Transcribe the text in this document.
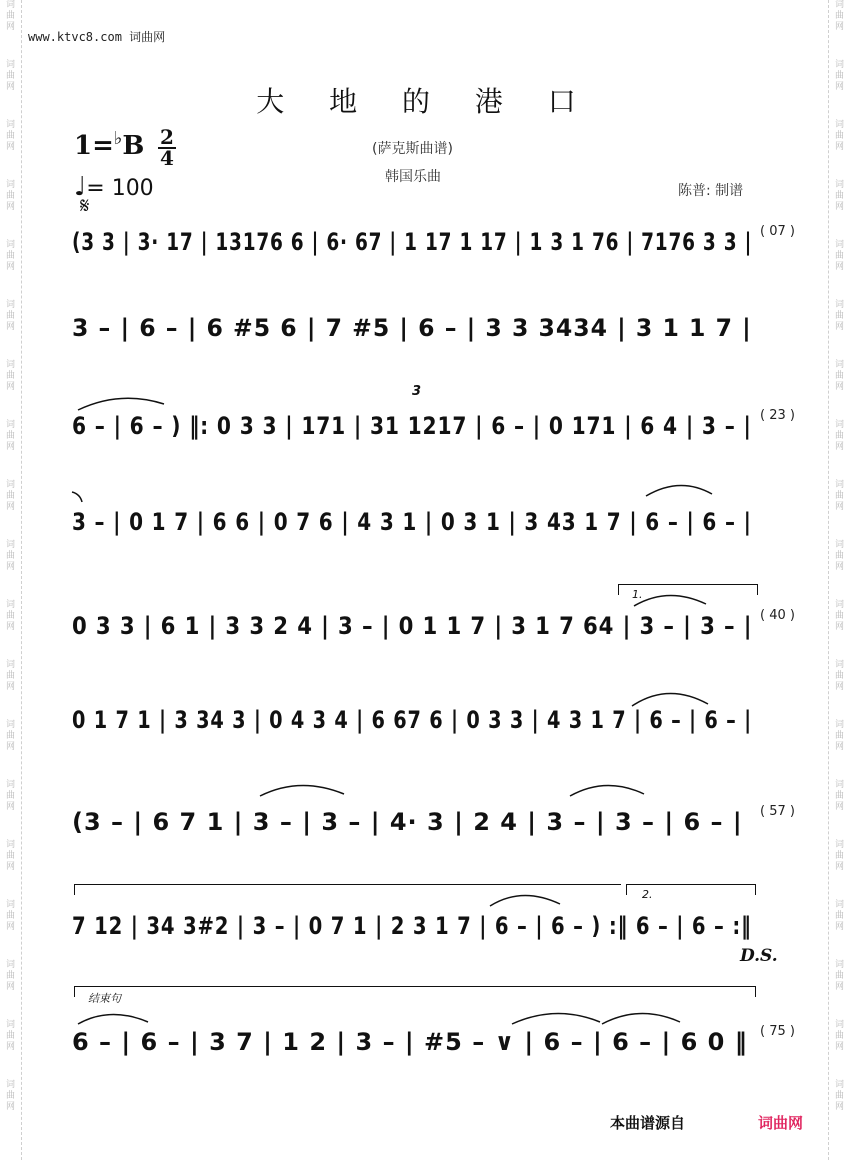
词
曲
网
词
曲
网
词
曲
网
词
曲
网
词
曲
网
词
曲
网
词
曲
网
词
曲
网
词
曲
网
词
曲
网
词
曲
网
词
曲
网
词
曲
网
词
曲
网
词
曲
网
词
曲
网
词
曲
网
词
曲
网
词
曲
网
词
曲
网
词
曲
网
词
曲
网
词
曲
网
词
曲
网
词
曲
网
词
曲
网
词
曲
网
词
曲
网
词
曲
网
词
曲
网
词
曲
网
词
曲
网
词
曲
网
词
曲
网
词
曲
网
词
曲
网
词
曲
网
词
曲
网
www.ktvc8.com 词曲网
大 地 的 港 口
1=♭B 2
4
♩= 100
𝄋
(萨克斯曲谱)
韩国乐曲
陈普: 制谱
(3 3 | 3· 17 | 13176 6 | 6· 67 | 1 17 1 17 | 1 3 1 76 | 7176 3 3 | ( 07 )
3 – | 6 – | 6 #5 6 | 7 #5 | 6 – | 3 3 3434 | 3 1 1 7 |
6 – | 6 – ) ‖: 0 3 3 | 171 | 31 1217 | 6 – | 0 171 | 6 4 | 3 – | ( 23 )
3 – | 0 1 7 | 6 6 | 0 7 6 | 4 3 1 | 0 3 1 | 3 43 1 7 | 6 – | 6 – |
0 3 3 | 6 1 | 3 3 2 4 | 3 – | 0 1 1 7 | 3 1 7 64 | 3 – | 3 – | ( 40 )
0 1 7 1 | 3 34 3 | 0 4 3 4 | 6 67 6 | 0 3 3 | 4 3 1 7 | 6 – | 6 – |
(3 – | 6 7 1 | 3 – | 3 – | 4· 3 | 2 4 | 3 – | 3 – | 6 – | ( 57 )
7 12 | 34 3#2 | 3 – | 0 7 1 | 2 3 1 7 | 6 – | 6 – ) :‖ 6 – | 6 – :‖
6 – | 6 – | 3 7 | 1 2 | 3 – | #5 – ∨ | 6 – | 6 – | 6 0 ‖ ( 75 )
1.
2.
结束句
3
D.S.
本曲谱源自	词曲网
